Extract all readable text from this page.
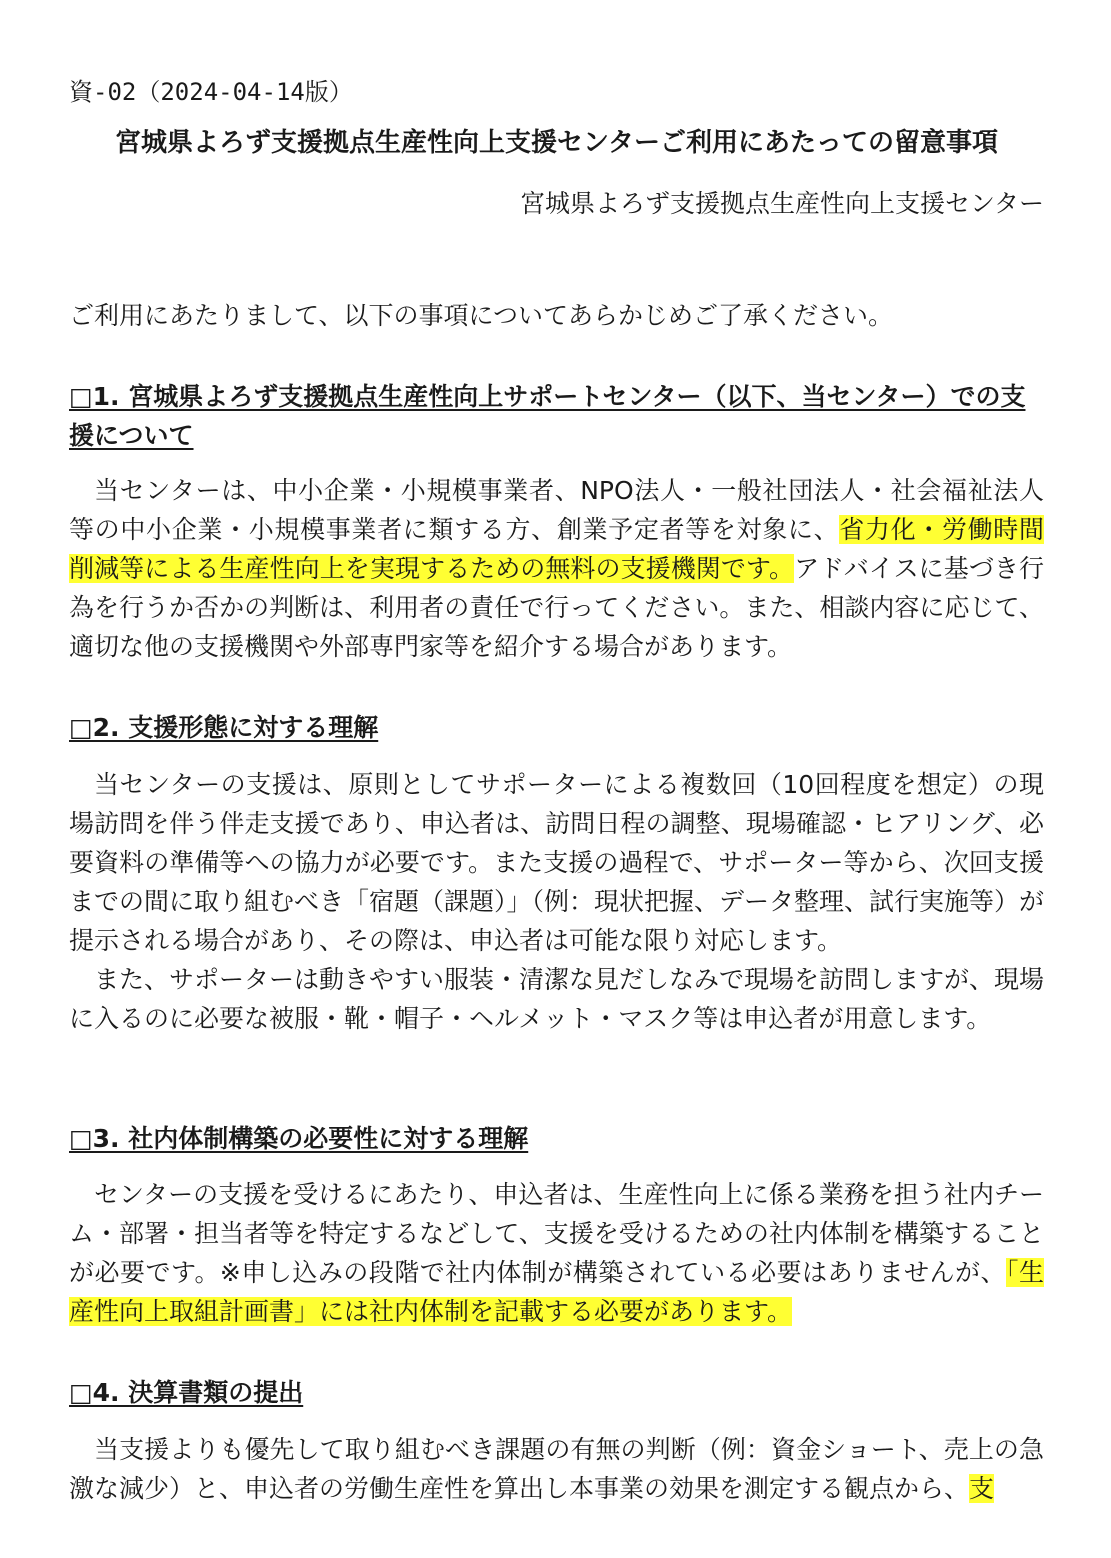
資-02（2024-04-14版）
宮城県よろず支援拠点生産性向上支援センターご利用にあたっての留意事項
宮城県よろず支援拠点生産性向上支援センター

ご利用にあたりまして、以下の事項についてあらかじめご了承ください。

□1. 宮城県よろず支援拠点生産性向上サポートセンター（以下、当センター）での支援について

当センターは、中小企業・小規模事業者、NPO法人・一般社団法人・社会福祉法人等の中小企業・小規模事業者に類する方、創業予定者等を対象に、省力化・労働時間削減等による生産性向上を実現するための無料の支援機関です。アドバイスに基づき行為を行うか否かの判断は、利用者の責任で行ってください。また、相談内容に応じて、適切な他の支援機関や外部専門家等を紹介する場合があります。

□2. 支援形態に対する理解

当センターの支援は、原則としてサポーターによる複数回（10回程度を想定）の現場訪問を伴う伴走支援であり、申込者は、訪問日程の調整、現場確認・ヒアリング、必要資料の準備等への協力が必要です。また支援の過程で、サポーター等から、次回支援までの間に取り組むべき「宿題（課題）」（例：現状把握、データ整理、試行実施等）が提示される場合があり、その際は、申込者は可能な限り対応します。

また、サポーターは動きやすい服装・清潔な見だしなみで現場を訪問しますが、現場に入るのに必要な被服・靴・帽子・ヘルメット・マスク等は申込者が用意します。

□3. 社内体制構築の必要性に対する理解

センターの支援を受けるにあたり、申込者は、生産性向上に係る業務を担う社内チーム・部署・担当者等を特定するなどして、支援を受けるための社内体制を構築することが必要です。※申し込みの段階で社内体制が構築されている必要はありませんが、「生産性向上取組計画書」には社内体制を記載する必要があります。

□4. 決算書類の提出

当支援よりも優先して取り組むべき課題の有無の判断（例：資金ショート、売上の急激な減少）と、申込者の労働生産性を算出し本事業の効果を測定する観点から、支
